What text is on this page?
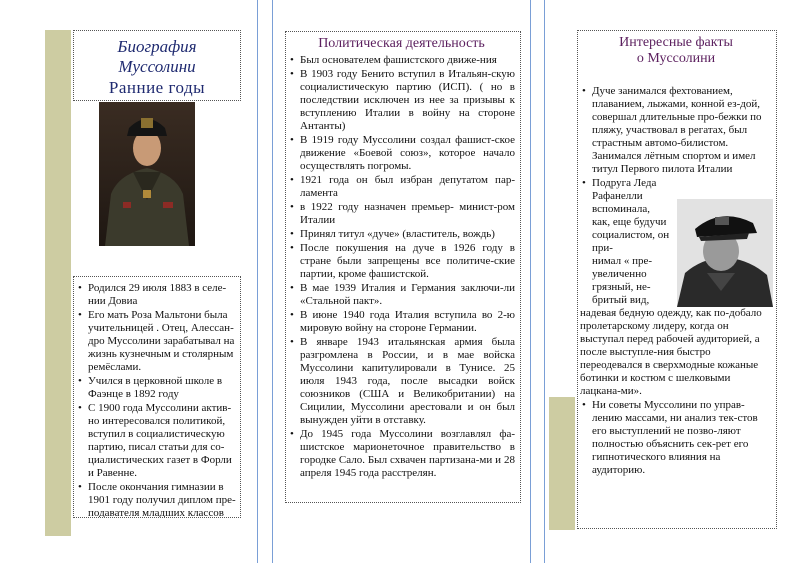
Биография
Муссолини
Ранние годы
• Родился 29 июля 1883 в селе-нии Довиа
• Его мать Роза Мальтони была учительницей . Отец, Алессан-дро Муссолини зарабатывал на жизнь кузнечным и столярным ремёслами.
• Учился в церковной школе в Фаэнце в 1892 году
• С 1900 года Муссолини актив-но интересовался политикой, вступил в социалистическую партию, писал статьи для со-циалистических газет в Форли и Равенне.
• После окончания гимназии в 1901 году получил диплом пре-подавателя младших классов
Политическая деятельность
• Был основателем фашистского движе-ния
• В 1903 году Бенито вступил в Итальян-скую социалистическую партию (ИСП). ( но в последствии исключен из нее за призывы к вступлению Италии в войну на стороне Антанты)
• В 1919 году Муссолини создал фашист-ское движение «Боевой союз», которое начало осуществлять погромы.
• 1921 года он был избран депутатом пар-ламента
• в 1922 году назначен премьер- минист-ром Италии
• Принял титул «дуче» (властитель, вождь)
• После покушения на дуче в 1926 году в стране были запрещены все политиче-ские партии, кроме фашистской.
• В мае 1939 Италия и Германия заключи-ли «Стальной пакт».
• В июне 1940 года Италия вступила во 2-ю мировую войну на стороне Германии.
• В январе 1943 итальянская армия была разгромлена в России, и в мае войска Муссолини капитулировали в Тунисе. 25 июля 1943 года, после высадки войск союзников (США и Великобритании) на Сицилии, Муссолини арестовали и он был вынужден уйти в отставку.
• До 1945 года Муссолини возглавлял фа-шистское марионеточное правительство в городке Сало. Был схвачен партизана-ми и 28 апреля 1945 года расстрелян.
Интересные факты
о Муссолини
• Дуче занимался фехтованием, плаванием, лыжами, конной ез-дой, совершал длительные про-бежки по пляжу, участвовал в регатах, был страстным автомо-билистом. Занимался лётным спортом и имел титул Первого пилота Италии
• Подруга Леда
Рафанелли
вспоминала,
как, еще будучи
социалистом, он при-
нимал « пре-
увеличенно
грязный, не-
бритый вид,
надевая бедную одежду, как по-добало пролетарскому лидеру, когда он выступал перед рабочей аудиторией, а после выступле-ния быстро переодевался в сверхмодные кожаные ботинки и костюм с шелковыми лацкана-ми».
• Ни советы Муссолини по управ-лению массами, ни анализ тек-стов его выступлений не позво-ляют полностью объяснить сек-рет его гипнотического влияния на аудиторию.
